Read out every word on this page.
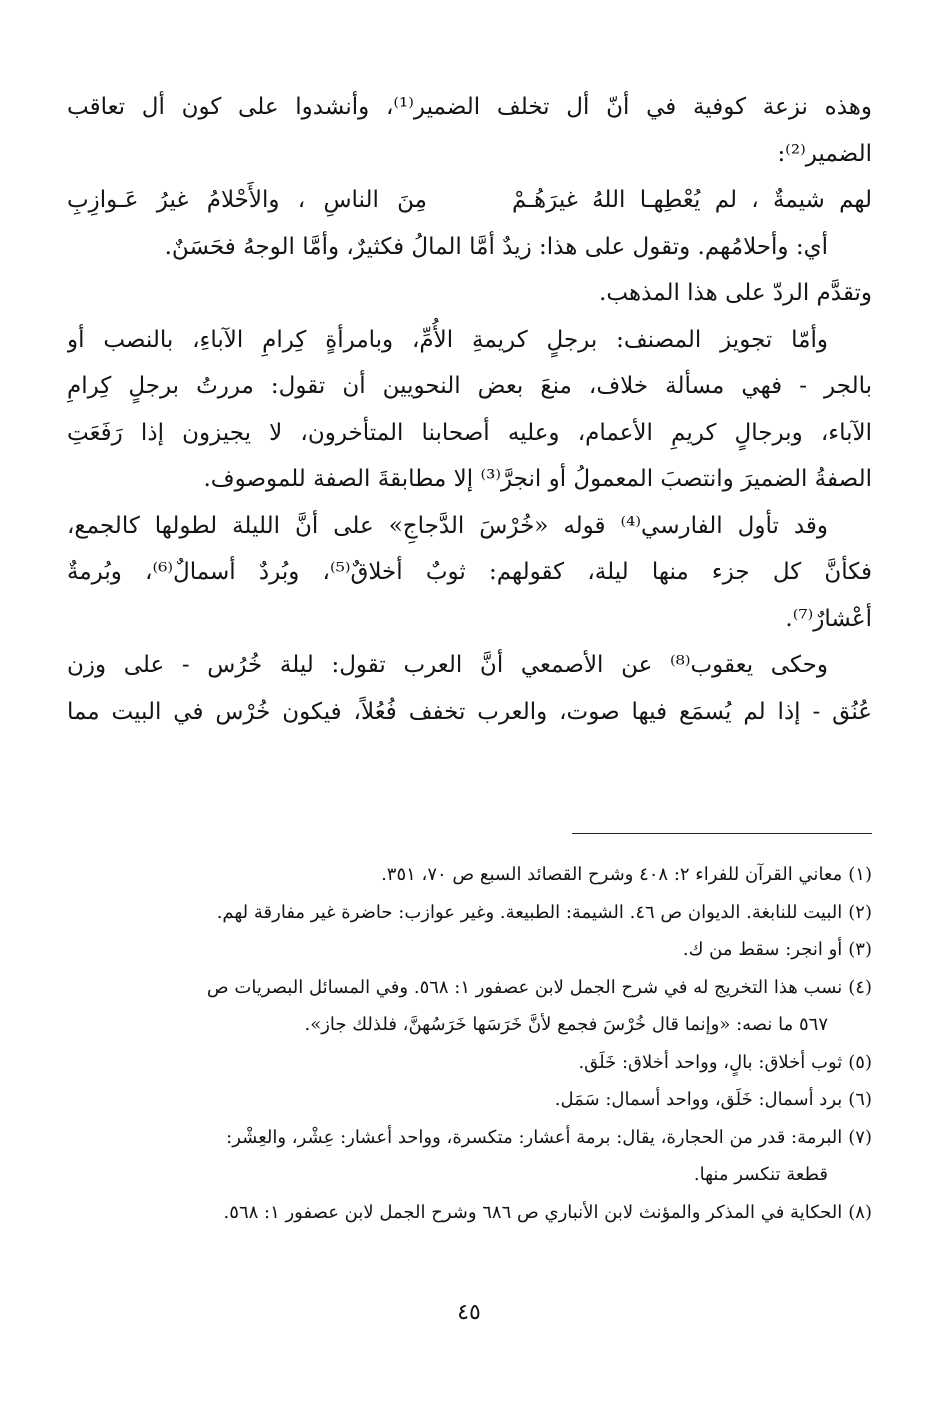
وهذه نزعة كوفية في أنّ أل تخلف الضمير⁽¹⁾، وأنشدوا على كون أل تعاقب
الضمير⁽²⁾:
لهم شيمةٌ ، لم يُعْطِهـا اللهُ غيرَهُـمْ
مِنَ الناسِ ، والأَحْلامُ غيرُ عَـوازِبِ
أي: وأحلامُهم. وتقول على هذا: زيدٌ أمَّا المالُ فكثيرٌ، وأمَّا الوجهُ فحَسَنٌ.
وتقدَّم الردّ على هذا المذهب.
وأمّا تجويز المصنف: برجلٍ كريمةِ الأُمِّ، وبامرأةٍ كِرامِ الآباءِ، بالنصب أو
بالجر - فهي مسألة خلاف، منعَ بعض النحويين أن تقول: مررتُ برجلٍ كِرامِ
الآباء، وبرجالٍ كريمِ الأعمام، وعليه أصحابنا المتأخرون، لا يجيزون إذا رَفَعَتِ
الصفةُ الضميرَ وانتصبَ المعمولُ أو انجرَّ⁽³⁾ إلا مطابقةَ الصفة للموصوف.
وقد تأول الفارسي⁽⁴⁾ قوله «خُرْسَ الدَّجاجِ» على أنَّ الليلة لطولها كالجمع،
فكأنَّ كل جزء منها ليلة، كقولهم: ثوبٌ أخلاقٌ⁽⁵⁾، وبُردٌ أسمالٌ⁽⁶⁾، وبُرمةٌ
أعْشارٌ⁽⁷⁾.
وحكى يعقوب⁽⁸⁾ عن الأصمعي أنَّ العرب تقول: ليلة خُرُس - على وزن
عُنُق - إذا لم يُسمَع فيها صوت، والعرب تخفف فُعُلاً، فيكون خُرْس في البيت مما
(١)معاني القرآن للفراء ٢: ٤٠٨ وشرح القصائد السبع ص ٧٠، ٣٥١.
(٢)البيت للنابغة. الديوان ص ٤٦. الشيمة: الطبيعة. وغير عوازب: حاضرة غير مفارقة لهم.
(٣)أو انجر: سقط من ك.
(٤)نسب هذا التخريج له في شرح الجمل لابن عصفور ١: ٥٦٨. وفي المسائل البصريات ص
٥٦٧ ما نصه: «وإنما قال خُرْسَ فجمع لأنَّ خَرَسَها خَرَسُهنَّ، فلذلك جاز».
(٥)ثوب أخلاق: بالٍ، وواحد أخلاق: خَلَق.
(٦)برد أسمال: خَلَق، وواحد أسمال: سَمَل.
(٧)البرمة: قدر من الحجارة، يقال: برمة أعشار: متكسرة، وواحد أعشار: عِشْر، والعِشْر:
قطعة تنكسر منها.
(٨)الحكاية في المذكر والمؤنث لابن الأنباري ص ٦٨٦ وشرح الجمل لابن عصفور ١: ٥٦٨.
٤٥
